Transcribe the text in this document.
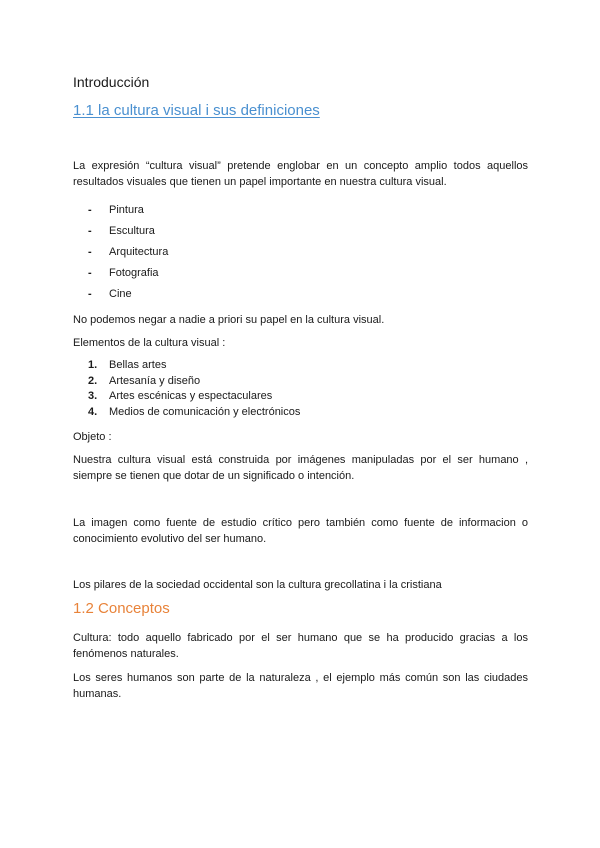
Introducción
1.1 la cultura visual i sus definiciones
La expresión “cultura visual” pretende englobar en un concepto amplio todos aquellos resultados visuales que tienen un papel importante en nuestra cultura visual.
- Pintura
- Escultura
- Arquitectura
- Fotografia
- Cine
No podemos negar a nadie a priori su papel en la cultura visual.
Elementos de la cultura visual :
1. Bellas artes
2. Artesanía y diseño
3. Artes escénicas y espectaculares
4. Medios de comunicación y electrónicos
Objeto :
Nuestra cultura visual está construida por imágenes manipuladas por el ser humano , siempre se tienen que dotar de un significado o intención.
La imagen como fuente de estudio crítico pero también como fuente de informacion o conocimiento evolutivo del ser humano.
Los pilares de la sociedad occidental son la cultura grecollatina i la cristiana
1.2 Conceptos
Cultura: todo aquello fabricado por el ser humano que se ha producido gracias a los fenómenos naturales.
Los seres humanos son parte de la naturaleza , el ejemplo más común son las ciudades humanas.
